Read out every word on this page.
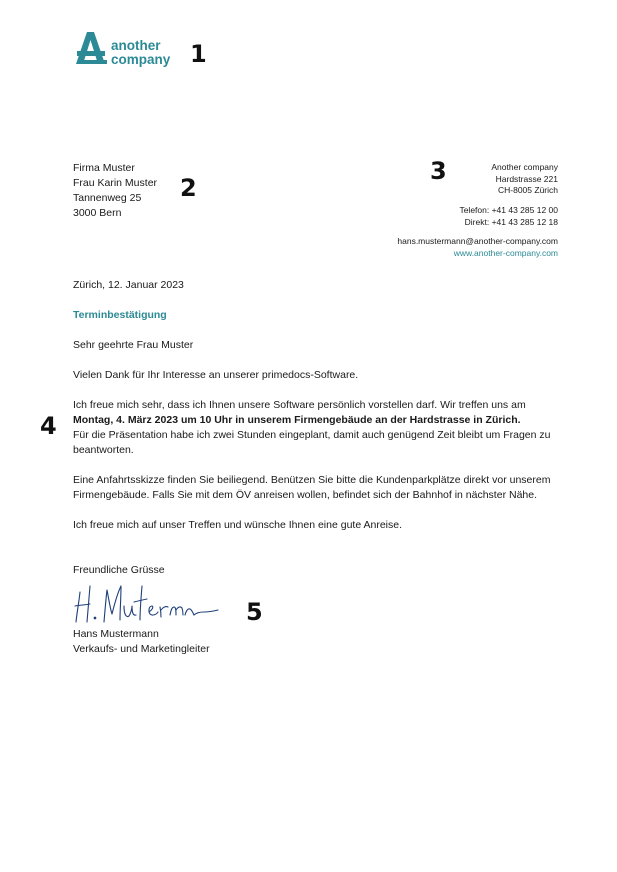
another
company 1
2
3
4
5
Firma Muster
Frau Karin Muster
Tannenweg 25
3000 Bern
Another company
Hardstrasse 221
CH-8005 Zürich
Telefon: +41 43 285 12 00
Direkt: +41 43 285 12 18
hans.mustermann@another-company.com
www.another-company.com
Zürich, 12. Januar 2023
Terminbestätigung
Sehr geehrte Frau Muster

Vielen Dank für Ihr Interesse an unserer primedocs-Software.

Ich freue mich sehr, dass ich Ihnen unsere Software persönlich vorstellen darf. Wir treffen uns am Montag, 4. März 2023 um 10 Uhr in unserem Firmengebäude an der Hardstrasse in Zürich.
Für die Präsentation habe ich zwei Stunden eingeplant, damit auch genügend Zeit bleibt um Fragen zu beantworten.

Eine Anfahrtsskizze finden Sie beiliegend. Benützen Sie bitte die Kundenparkplätze direkt vor unserem Firmengebäude. Falls Sie mit dem ÖV anreisen wollen, befindet sich der Bahnhof in nächster Nähe.

Ich freue mich auf unser Treffen und wünsche Ihnen eine gute Anreise.

Freundliche Grüsse
Hans Mustermann
Verkaufs- und Marketingleiter
